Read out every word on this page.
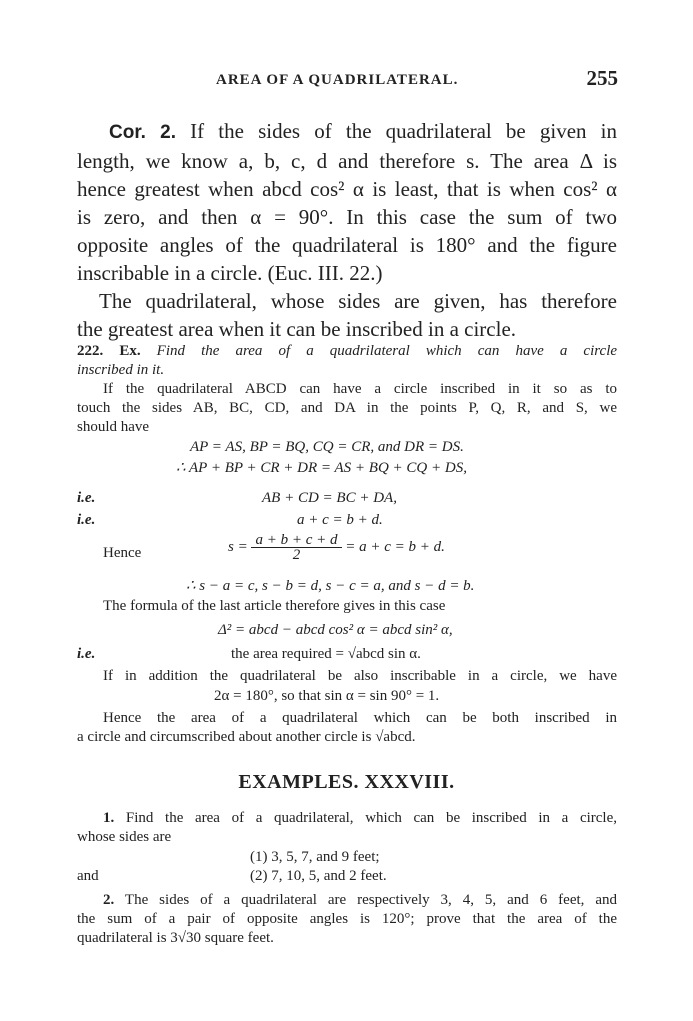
AREA OF A QUADRILATERAL.	255
Cor. 2. If the sides of the quadrilateral be given in
length, we know a, b, c, d and therefore s. The area Δ is
hence greatest when abcd cos² α is least, that is when cos² α
is zero, and then α = 90°. In this case the sum of two
opposite angles of the quadrilateral is 180° and the figure
inscribable in a circle. (Euc. III. 22.)
The quadrilateral, whose sides are given, has therefore
the greatest area when it can be inscribed in a circle.
222. Ex. Find the area of a quadrilateral which can have a circle
inscribed in it.
If the quadrilateral ABCD can have a circle inscribed in it so as to
touch the sides AB, BC, CD, and DA in the points P, Q, R, and S, we
should have
AP = AS, BP = BQ, CQ = CR, and DR = DS.
∴ AP + BP + CR + DR = AS + BQ + CQ + DS,
i.e.	AB + CD = BC + DA,
i.e.	a + c = b + d.
Hence	$s = \frac{a + b + c + d}{2} = a + c = b + d$.
∴ s − a = c, s − b = d, s − c = a, and s − d = b.
The formula of the last article therefore gives in this case
Δ² = abcd − abcd cos² α = abcd sin² α,
i.e.	the area required = √abcd sin α.
If in addition the quadrilateral be also inscribable in a circle, we have
2α = 180°, so that sin α = sin 90° = 1.
Hence the area of a quadrilateral which can be both inscribed in
a circle and circumscribed about another circle is √abcd.
EXAMPLES. XXXVIII.
1. Find the area of a quadrilateral, which can be inscribed in a circle,
whose sides are
(1) 3, 5, 7, and 9 feet;
and	(2) 7, 10, 5, and 2 feet.
2. The sides of a quadrilateral are respectively 3, 4, 5, and 6 feet, and
the sum of a pair of opposite angles is 120°; prove that the area of the
quadrilateral is 3√30 square feet.
